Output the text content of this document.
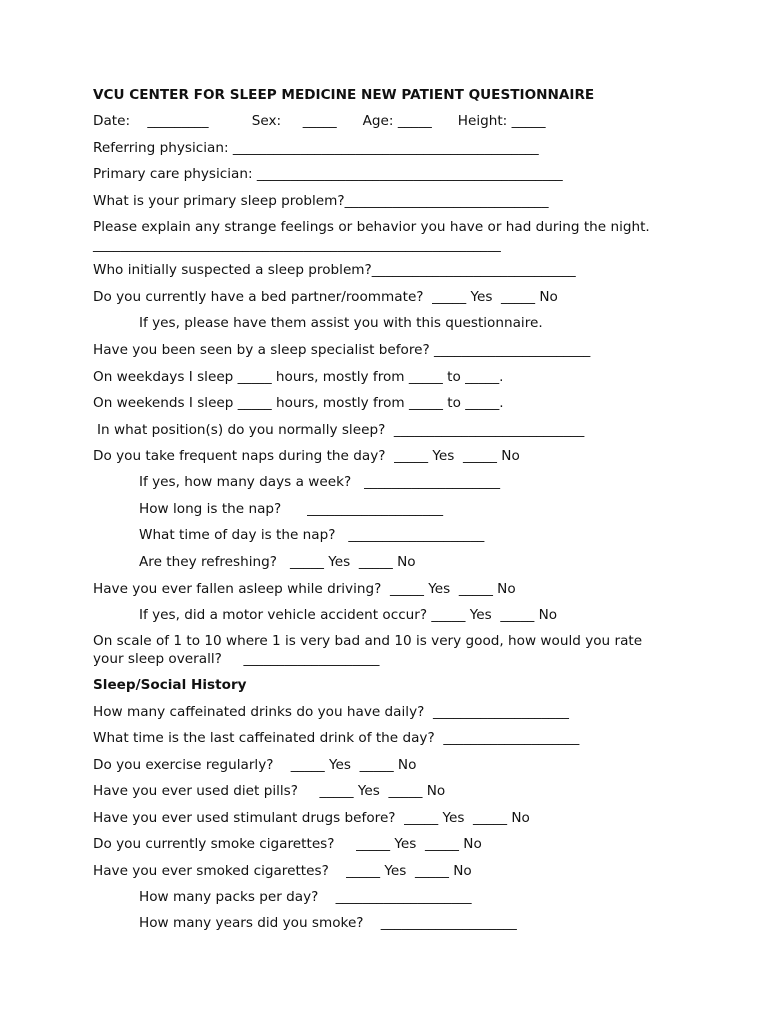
VCU CENTER FOR SLEEP MEDICINE NEW PATIENT QUESTIONNAIRE

Date:    _________          Sex:     _____      Age: _____      Height: _____

Referring physician: _____________________________________________

Primary care physician: _____________________________________________

What is your primary sleep problem?______________________________

Please explain any strange feelings or behavior you have or had during the night.

____________________________________________________________

Who initially suspected a sleep problem?______________________________

Do you currently have a bed partner/roommate?  _____ Yes  _____ No

If yes, please have them assist you with this questionnaire.

Have you been seen by a sleep specialist before? _______________________

On weekdays I sleep _____ hours, mostly from _____ to _____.

On weekends I sleep _____ hours, mostly from _____ to _____.

In what position(s) do you normally sleep?  ____________________________

Do you take frequent naps during the day?  _____ Yes  _____ No

If yes, how many days a week?   ____________________

How long is the nap?      ____________________

What time of day is the nap?   ____________________

Are they refreshing?   _____ Yes  _____ No

Have you ever fallen asleep while driving?  _____ Yes  _____ No

If yes, did a motor vehicle accident occur? _____ Yes  _____ No

On scale of 1 to 10 where 1 is very bad and 10 is very good, how would you rate

your sleep overall?     ____________________

Sleep/Social History

How many caffeinated drinks do you have daily?  ____________________

What time is the last caffeinated drink of the day?  ____________________

Do you exercise regularly?    _____ Yes  _____ No

Have you ever used diet pills?     _____ Yes  _____ No

Have you ever used stimulant drugs before?  _____ Yes  _____ No

Do you currently smoke cigarettes?     _____ Yes  _____ No

Have you ever smoked cigarettes?    _____ Yes  _____ No

How many packs per day?    ____________________

How many years did you smoke?    ____________________
